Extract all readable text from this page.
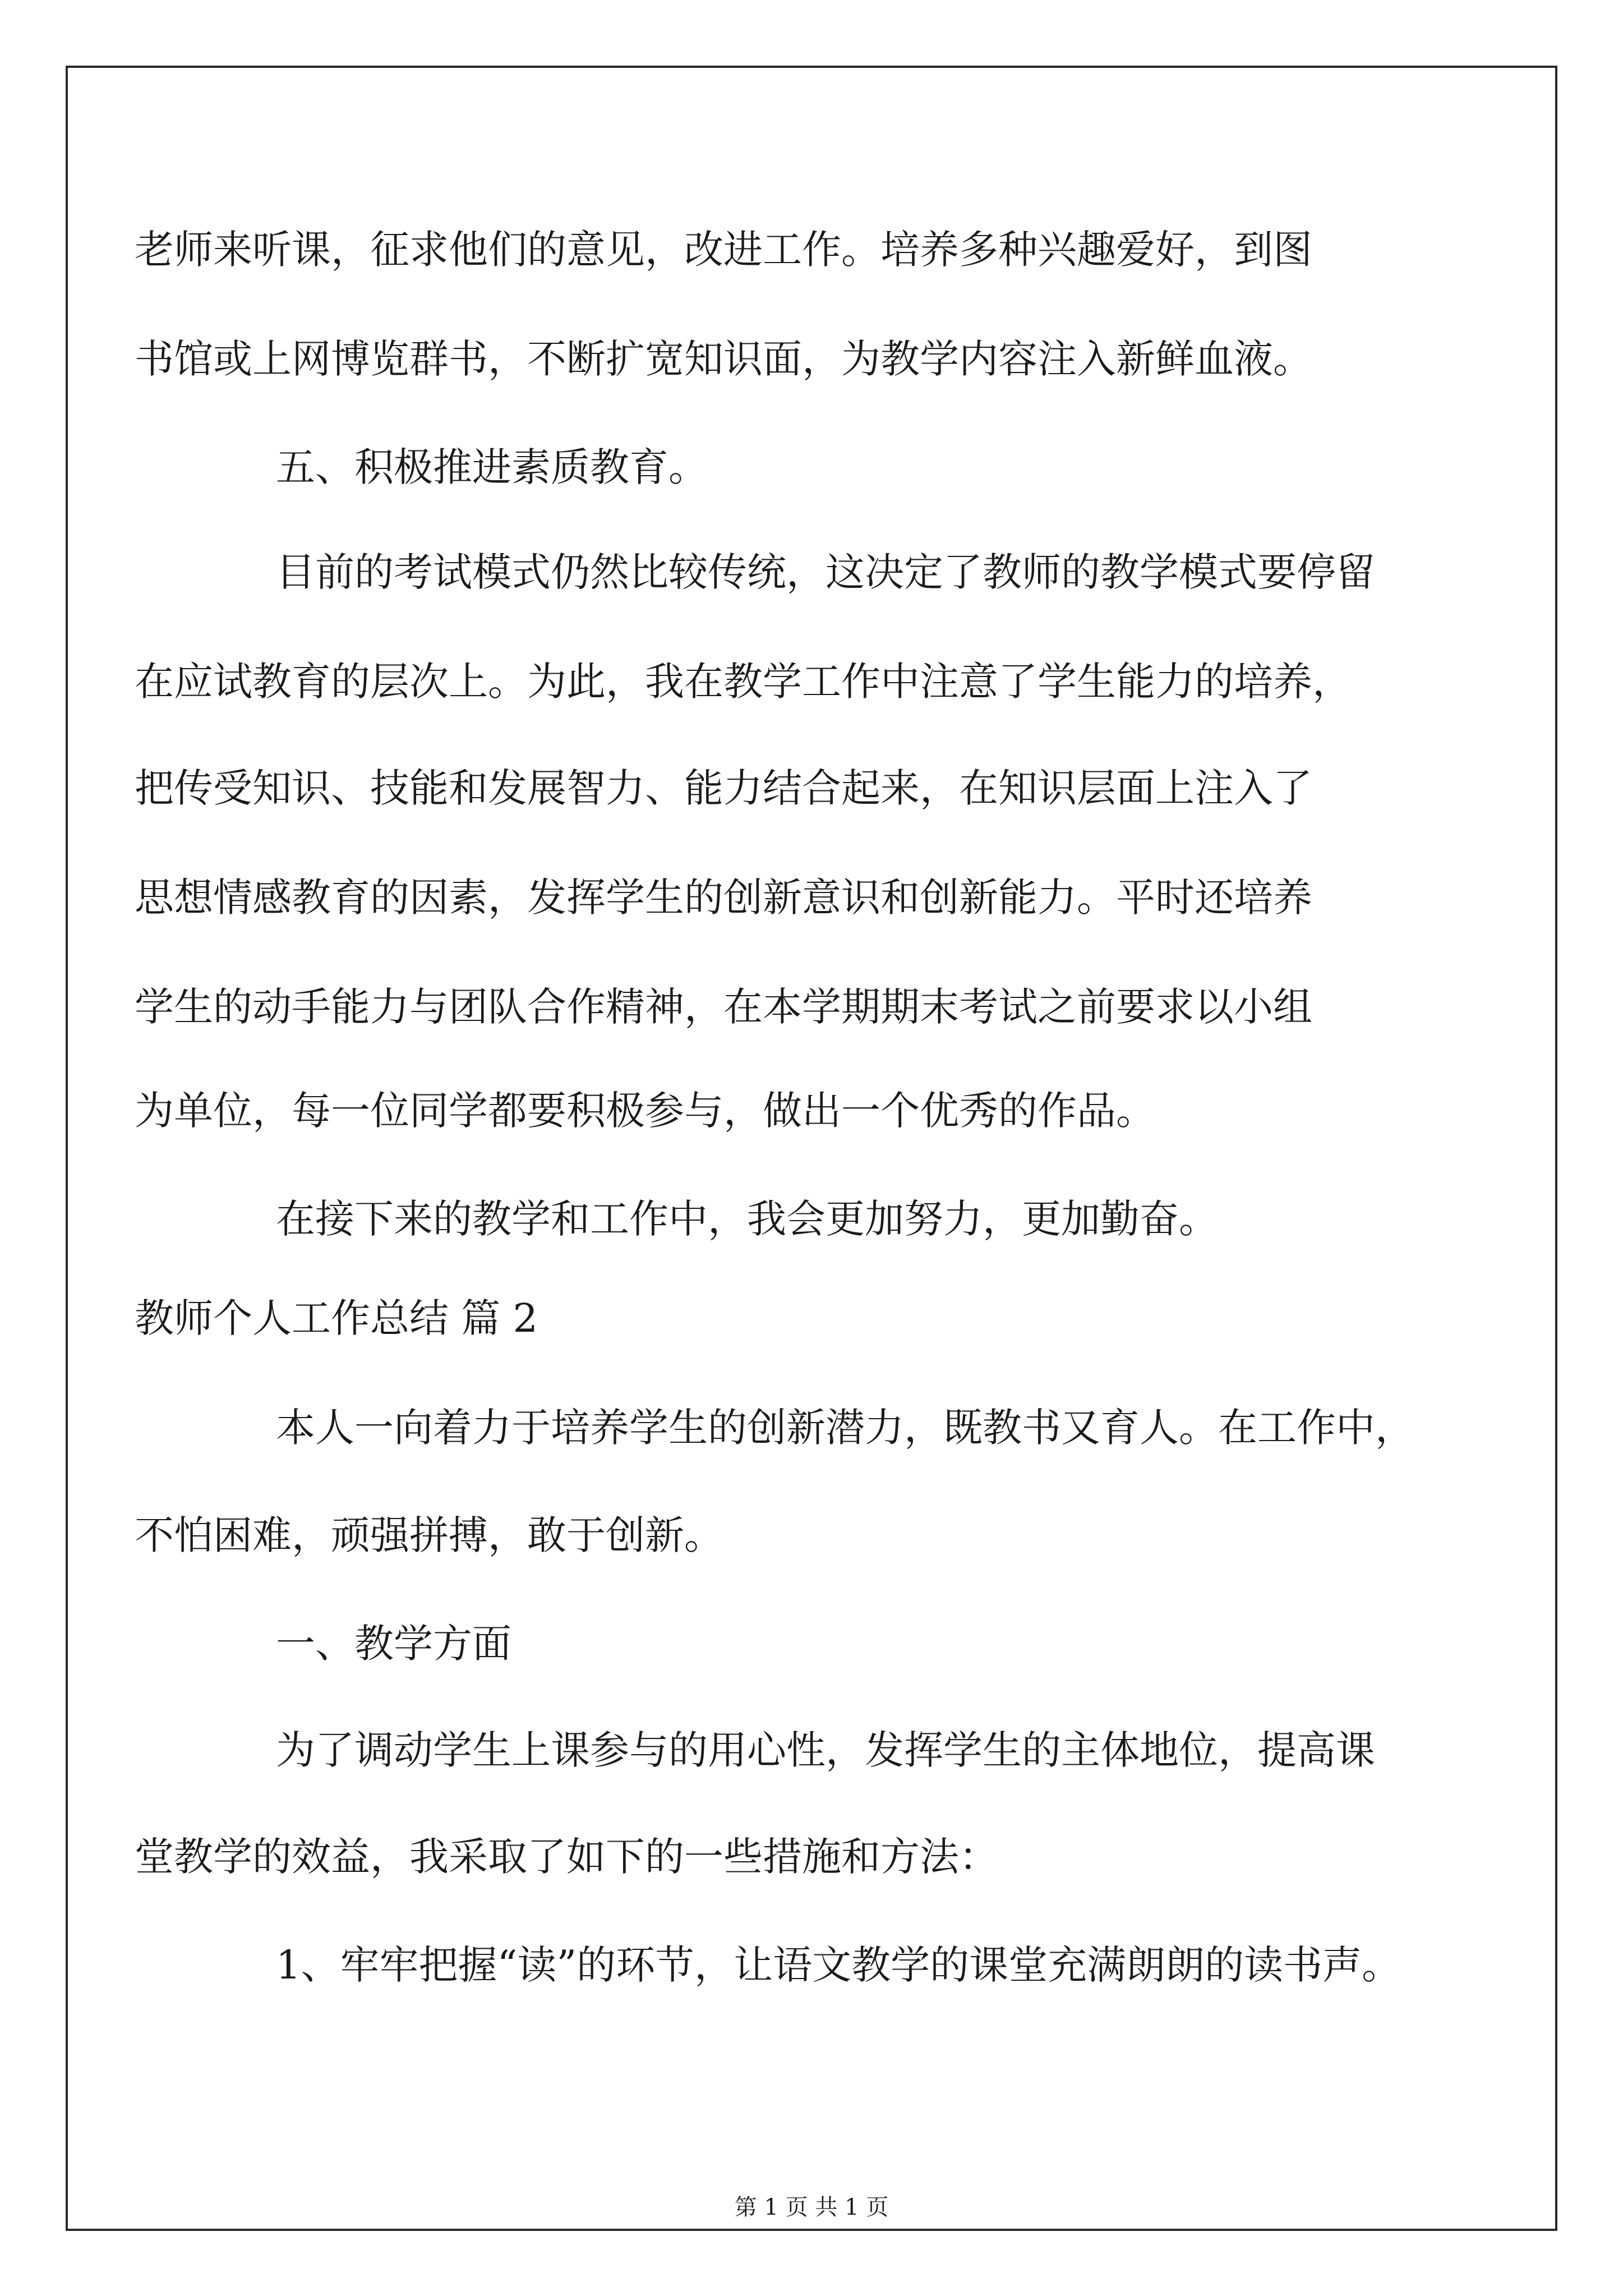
老师来听课，征求他们的意见，改进工作。培养多种兴趣爱好，到图
书馆或上网博览群书，不断扩宽知识面，为教学内容注入新鲜血液。
五、积极推进素质教育。
目前的考试模式仍然比较传统，这决定了教师的教学模式要停留
在应试教育的层次上。为此，我在教学工作中注意了学生能力的培养，
把传受知识、技能和发展智力、能力结合起来，在知识层面上注入了
思想情感教育的因素，发挥学生的创新意识和创新能力。平时还培养
学生的动手能力与团队合作精神，在本学期期末考试之前要求以小组
为单位，每一位同学都要积极参与，做出一个优秀的作品。
在接下来的教学和工作中，我会更加努力，更加勤奋。
教师个人工作总结 篇 2
本人一向着力于培养学生的创新潜力，既教书又育人。在工作中，
不怕困难，顽强拼搏，敢于创新。
一、教学方面
为了调动学生上课参与的用心性，发挥学生的主体地位，提高课
堂教学的效益，我采取了如下的一些措施和方法：
1、牢牢把握“读”的环节，让语文教学的课堂充满朗朗的读书声。
第 1 页 共 1 页
